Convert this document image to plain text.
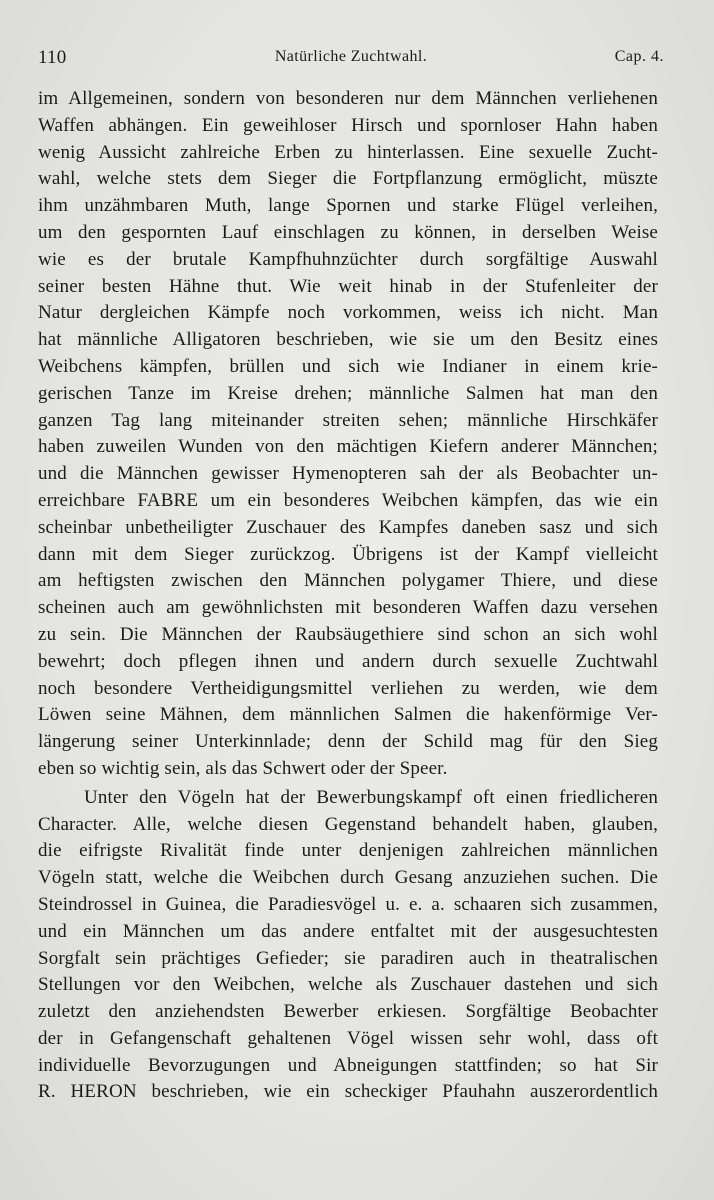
110	Natürliche Zuchtwahl.	Cap. 4.
im Allgemeinen, sondern von besonderen nur dem Männchen verliehenen
Waffen abhängen. Ein geweihloser Hirsch und spornloser Hahn haben
wenig Aussicht zahlreiche Erben zu hinterlassen. Eine sexuelle Zucht-
wahl, welche stets dem Sieger die Fortpflanzung ermöglicht, müszte
ihm unzähmbaren Muth, lange Spornen und starke Flügel verleihen,
um den gespornten Lauf einschlagen zu können, in derselben Weise
wie es der brutale Kampfhuhnzüchter durch sorgfältige Auswahl
seiner besten Hähne thut. Wie weit hinab in der Stufenleiter der
Natur dergleichen Kämpfe noch vorkommen, weiss ich nicht. Man
hat männliche Alligatoren beschrieben, wie sie um den Besitz eines
Weibchens kämpfen, brüllen und sich wie Indianer in einem krie-
gerischen Tanze im Kreise drehen; männliche Salmen hat man den
ganzen Tag lang miteinander streiten sehen; männliche Hirschkäfer
haben zuweilen Wunden von den mächtigen Kiefern anderer Männchen;
und die Männchen gewisser Hymenopteren sah der als Beobachter un-
erreichbare FABRE um ein besonderes Weibchen kämpfen, das wie ein
scheinbar unbetheiligter Zuschauer des Kampfes daneben sasz und sich
dann mit dem Sieger zurückzog. Übrigens ist der Kampf vielleicht
am heftigsten zwischen den Männchen polygamer Thiere, und diese
scheinen auch am gewöhnlichsten mit besonderen Waffen dazu versehen
zu sein. Die Männchen der Raubsäugethiere sind schon an sich wohl
bewehrt; doch pflegen ihnen und andern durch sexuelle Zuchtwahl
noch besondere Vertheidigungsmittel verliehen zu werden, wie dem
Löwen seine Mähnen, dem männlichen Salmen die hakenförmige Ver-
längerung seiner Unterkinnlade; denn der Schild mag für den Sieg
eben so wichtig sein, als das Schwert oder der Speer.
Unter den Vögeln hat der Bewerbungskampf oft einen friedlicheren
Character. Alle, welche diesen Gegenstand behandelt haben, glauben,
die eifrigste Rivalität finde unter denjenigen zahlreichen männlichen
Vögeln statt, welche die Weibchen durch Gesang anzuziehen suchen. Die
Steindrossel in Guinea, die Paradiesvögel u. e. a. schaaren sich zusammen,
und ein Männchen um das andere entfaltet mit der ausgesuchtesten
Sorgfalt sein prächtiges Gefieder; sie paradiren auch in theatralischen
Stellungen vor den Weibchen, welche als Zuschauer dastehen und sich
zuletzt den anziehendsten Bewerber erkiesen. Sorgfältige Beobachter
der in Gefangenschaft gehaltenen Vögel wissen sehr wohl, dass oft
individuelle Bevorzugungen und Abneigungen stattfinden; so hat Sir
R. HERON beschrieben, wie ein scheckiger Pfauhahn auszerordentlich
